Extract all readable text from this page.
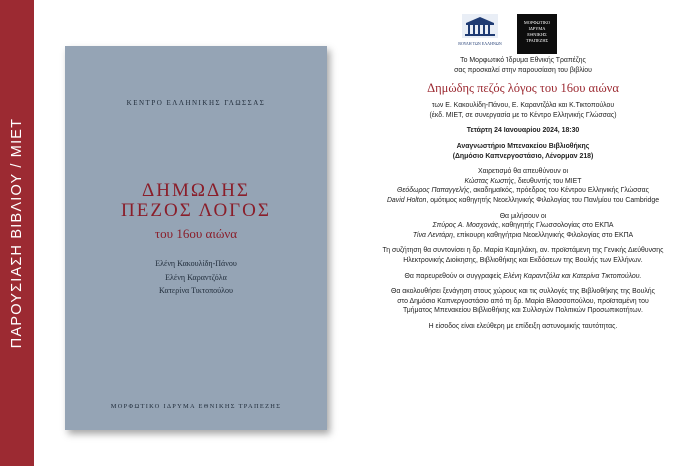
ΠΑΡΟΥΣΙΑΣΗ ΒΙΒΛΙΟΥ / ΜΙΕΤ
ΚΕΝΤΡΟ ΕΛΛΗΝΙΚΗΣ ΓΛΩΣΣΑΣ
ΔΗΜΩΔΗΣ
ΠΕΖΟΣ ΛΟΓΟΣ
του 16ου αιώνα
Ελένη Κακουλίδη-Πάνου
Ελένη Καραντζόλα
Κατερίνα Τικτοπούλου
ΜΟΡΦΩΤΙΚΟ ΙΔΡΥΜΑ ΕΘΝΙΚΗΣ ΤΡΑΠΕΖΗΣ
ΒΟΥΛΗ ΤΩΝ ΕΛΛΗΝΩΝ
ΜΟΡΦΩΤΙΚΟ
ΙΔΡΥΜΑ
ΕΘΝΙΚΗΣ
ΤΡΑΠΕΖΗΣ

Το Μορφωτικό Ίδρυμα Εθνικής Τραπέζης

σας προσκαλεί στην παρουσίαση του βιβλίου

Δημώδης πεζός λόγος του 16ου αιώνα

των Ε. Κακουλίδη-Πάνου, Ε. Καραντζόλα και Κ.Τικτοπούλου

(έκδ. ΜΙΕΤ, σε συνεργασία με το Κέντρο Ελληνικής Γλώσσας)

Τετάρτη 24 Ιανουαρίου 2024, 18:30

Αναγνωστήριο Μπενακείου Βιβλιοθήκης

(Δημόσιο Καπνεργοστάσιο, Λένορμαν 218)

Χαιρετισμό θα απευθύνουν οι

Κώστας Κωστής, διευθυντής του ΜΙΕΤ

Θεόδωρος Παπαγγελής, ακαδημαϊκός, πρόεδρος του Κέντρου Ελληνικής Γλώσσας

David Holton, ομότιμος καθηγητής Νεοελληνικής Φιλολογίας του Παν/μίου του Cambridge

Θα μιλήσουν οι

Σπύρος Α. Μοσχονάς, καθηγητής Γλωσσολογίας στο ΕΚΠΑ

Τίνα Λεντάρη, επίκουρη καθηγήτρια Νεοελληνικής Φιλολογίας στο ΕΚΠΑ

Τη συζήτηση θα συντονίσει η δρ. Μαρία Καμηλάκη, αν. προϊστάμενη της Γενικής Διεύθυνσης

Ηλεκτρονικής Διοίκησης, Βιβλιοθήκης και Εκδόσεων της Βουλής των Ελλήνων.

Θα παρευρεθούν οι συγγραφείς Ελένη Καραντζόλα και Κατερίνα Τικτοπούλου.

Θα ακολουθήσει ξενάγηση στους χώρους και τις συλλογές της Βιβλιοθήκης της Βουλής

στο Δημόσιο Καπνεργοστάσιο από τη δρ. Μαρία Βλασσοπούλου, προϊσταμένη του

Τμήματος Μπενακείου Βιβλιοθήκης και Συλλογών Πολιτικών Προσωπικοτήτων.

Η είσοδος είναι ελεύθερη με επίδειξη αστυνομικής ταυτότητας.
